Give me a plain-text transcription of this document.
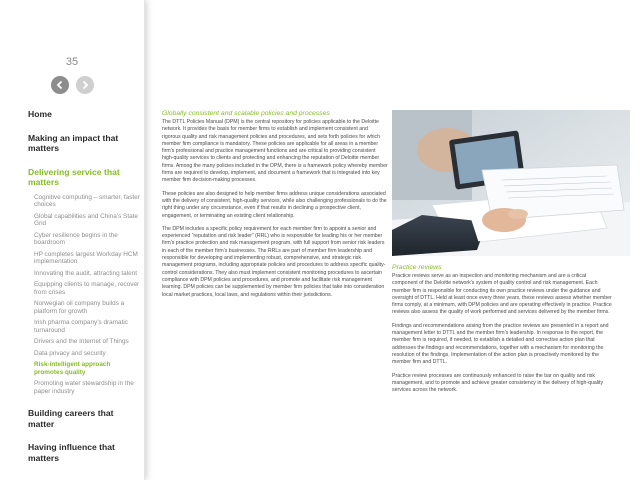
35
Home
Making an impact that matters
Delivering service that matters
Cognitive computing – smarter, faster choices
Global capabilities and China’s State Grid
Cyber resilience begins in the boardroom
HP completes largest Workday HCM implementation
Innovating the audit, attracting talent
Equipping clients to manage, recover from crises
Norwegian oil company builds a platform for growth
Irish pharma company’s dramatic turnaround
Drivers and the Internet of Things
Data privacy and security
Risk-intelligent approach promotes quality
Promoting water stewardship in the paper industry
Building careers that matter
Having influence that matters
Globally consistent and scalable policies and processes

The DTTL Policies Manual (DPM) is the central repository for policies applicable to the Deloitte network. It provides the basis for member firms to establish and implement consistent and rigorous quality and risk management policies and procedures, and sets forth policies for which member firm compliance is mandatory. These policies are applicable for all areas in a member firm’s professional and practice management functions and are critical to providing consistent high-quality services to clients and protecting and enhancing the reputation of Deloitte member firms. Among the many policies included in the DPM, there is a framework policy whereby member firms are required to develop, implement, and document a framework that is integrated into key member firm decision-making processes.

These policies are also designed to help member firms address unique considerations associated with the delivery of consistent, high-quality services, while also challenging professionals to do the right thing under any circumstance, even if that results in declining a prospective client, engagement, or terminating an existing client relationship.

The DPM includes a specific policy requirement for each member firm to appoint a senior and experienced “reputation and risk leader” (RRL) who is responsible for leading his or her member firm’s practice protection and risk management program, with full support from senior risk leaders in each of the member firm’s businesses. The RRLs are part of member firm leadership and responsible for developing and implementing robust, comprehensive, and strategic risk management programs, including appropriate policies and procedures to address specific quality-control considerations. They also must implement consistent monitoring procedures to ascertain compliance with DPM policies and procedures, and promote and facilitate risk management learning. DPM policies can be supplemented by member firm policies that take into consideration local market practices, local laws, and regulations within their jurisdictions.

Practice reviews

Practice reviews serve as an inspection and monitoring mechanism and are a critical component of the Deloitte network’s system of quality control and risk management. Each member firm is responsible for conducting its own practice reviews under the guidance and oversight of DTTL. Held at least once every three years, these reviews assess whether member firms comply, at a minimum, with DPM policies and are operating effectively in practice. Practice reviews also assess the quality of work performed and services delivered by the member firms.

Findings and recommendations arising from the practice reviews are presented in a report and management letter to DTTL and the member firm’s leadership. In response to the report, the member firm is required, if needed, to establish a detailed and corrective action plan that addresses the findings and recommendations, together with a mechanism for monitoring the resolution of the findings. Implementation of the action plan is proactively monitored by the member firm and DTTL.

Practice review processes are continuously enhanced to raise the bar on quality and risk management, and to promote and achieve greater consistency in the delivery of high-quality services across the network.
